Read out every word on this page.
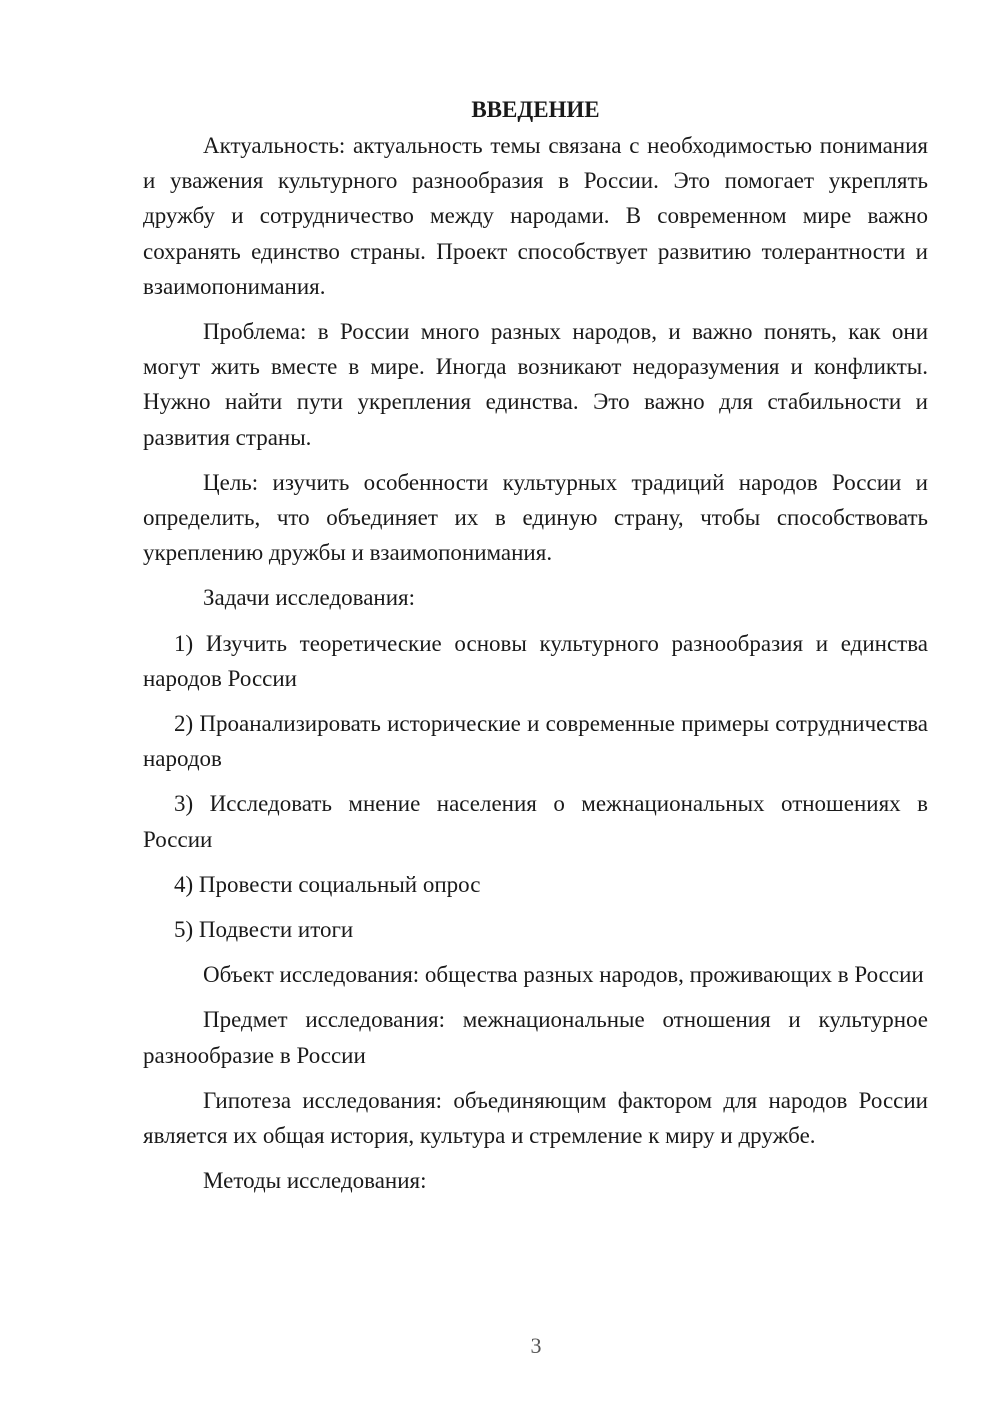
ВВЕДЕНИЕ

Актуальность: актуальность темы связана с необходимостью понимания и уважения культурного разнообразия в России. Это помогает укреплять дружбу и сотрудничество между народами. В современном мире важно сохранять единство страны. Проект способствует развитию толерантности и взаимопонимания.

Проблема: в России много разных народов, и важно понять, как они могут жить вместе в мире. Иногда возникают недоразумения и конфликты. Нужно найти пути укрепления единства. Это важно для стабильности и развития страны.

Цель: изучить особенности культурных традиций народов России и определить, что объединяет их в единую страну, чтобы способствовать укреплению дружбы и взаимопонимания.

Задачи исследования:

1) Изучить теоретические основы культурного разнообразия и единства народов России

2) Проанализировать исторические и современные примеры сотрудничества народов

3) Исследовать мнение населения о межнациональных отношениях в России

4) Провести социальный опрос

5) Подвести итоги

Объект исследования: общества разных народов, проживающих в России

Предмет исследования: межнациональные отношения и культурное разнообразие в России

Гипотеза исследования: объединяющим фактором для народов России является их общая история, культура и стремление к миру и дружбе.

Методы исследования:

3
